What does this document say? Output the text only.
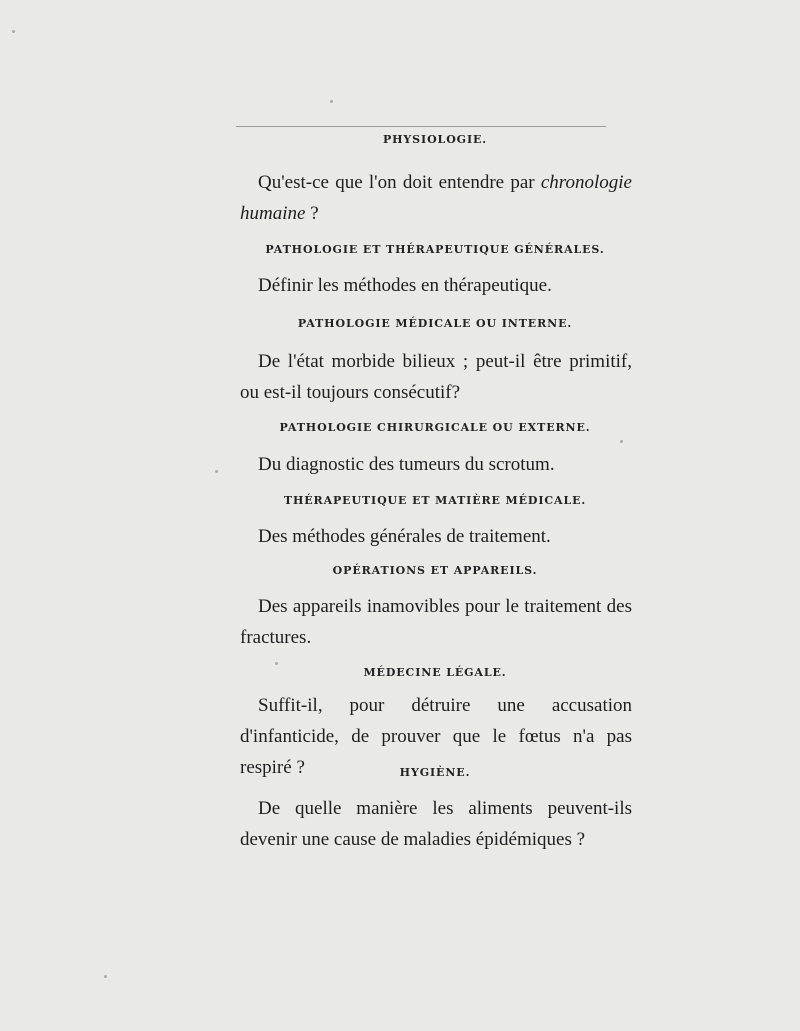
PHYSIOLOGIE.
Qu'est-ce que l'on doit entendre par chronologie humaine ?
PATHOLOGIE ET THÉRAPEUTIQUE GÉNÉRALES.
Définir les méthodes en thérapeutique.
PATHOLOGIE MÉDICALE OU INTERNE.
De l'état morbide bilieux ; peut-il être primitif, ou est-il toujours consécutif?
PATHOLOGIE CHIRURGICALE OU EXTERNE.
Du diagnostic des tumeurs du scrotum.
THÉRAPEUTIQUE ET MATIÈRE MÉDICALE.
Des méthodes générales de traitement.
OPÉRATIONS ET APPAREILS.
Des appareils inamovibles pour le traitement des fractures.
MÉDECINE LÉGALE.
Suffit-il, pour détruire une accusation d'infanticide, de prouver que le fœtus n'a pas respiré ?	HYGIÈNE.
De quelle manière les aliments peuvent-ils devenir une cause de maladies épidémiques ?
